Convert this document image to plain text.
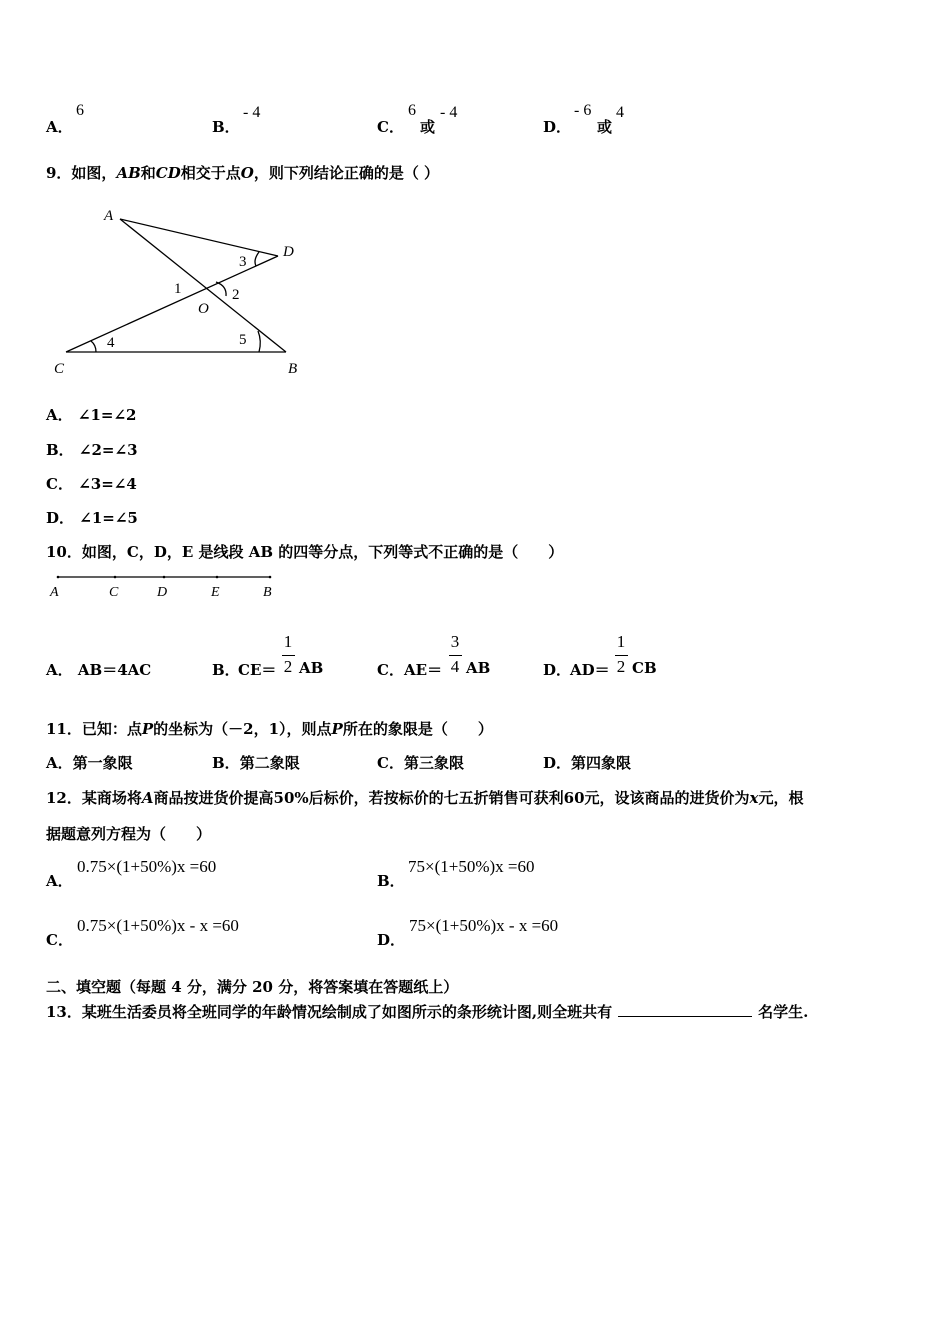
A．
6
B．
- 4
C．
6
或
- 4
D．
- 6
或
4
9．如图，AB和CD相交于点O，则下列结论正确的是（ ）
A
D
O
C	B
1	2
3
4	5
A． ∠1=∠2
B． ∠2=∠3
C． ∠3=∠4
D． ∠1=∠5
10．如图，C，D，E 是线段 AB 的四等分点，下列等式不正确的是（　　）
A	C	D	E	B
A． AB＝4AC	B．
CE＝
1
2 AB	C． AE＝
3
4 AB	D．
AD＝
1
2 CB
11．已知：点P的坐标为（－2，1），则点P所在的象限是（　　）
A．第一象限	B．第二象限	C．第三象限	D．第四象限
12．某商场将A商品按进货价提高50%后标价，若按标价的七五折销售可获利60元，设该商品的进货价为x元，根
据题意列方程为（　　）
A．
0.75×(1+50%)x =60
B．
75×(1+50%)x =60
C．
0.75×(1+50%)x - x =60
D．
75×(1+50%)x - x =60
二、填空题（每题 4 分，满分 20 分，将答案填在答题纸上）
13．某班生活委员将全班同学的年龄情况绘制成了如图所示的条形统计图,则全班共有	名学生.
